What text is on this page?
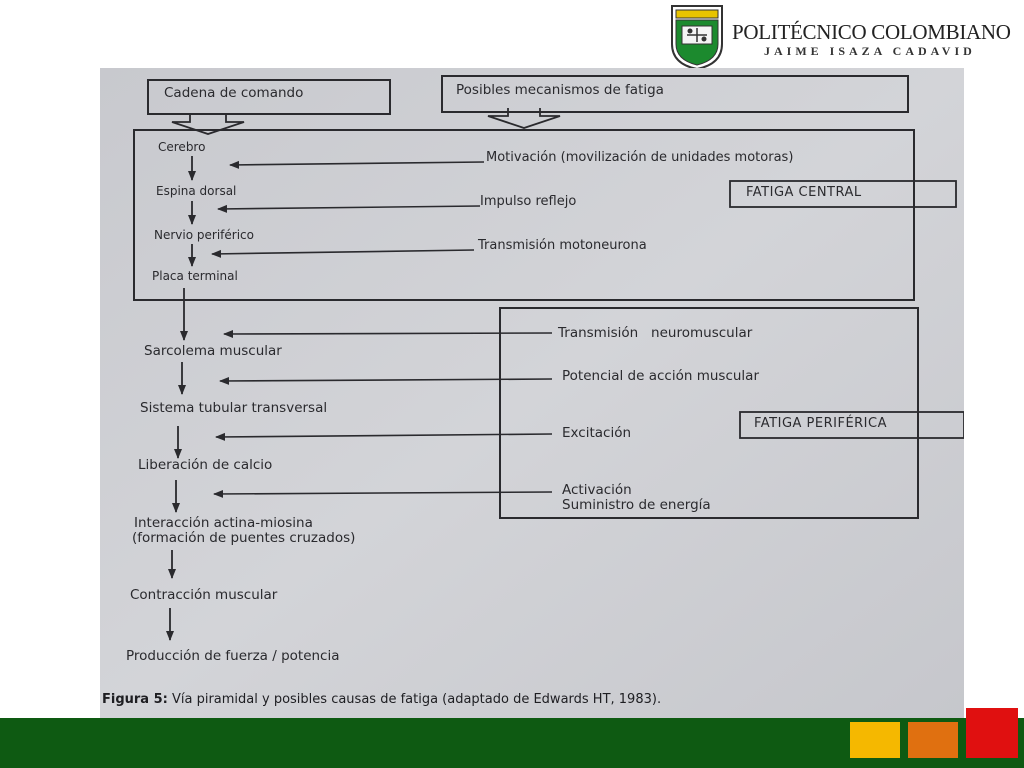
POLITÉCNICO COLOMBIANO
JAIME ISAZA CADAVID
Cadena de comando	Posibles mecanismos de fatiga
Cerebro
Espina dorsal
Nervio periférico
Placa terminal
Sarcolema muscular
Sistema tubular transversal
Liberación de calcio
Interacción actina-miosina
(formación de puentes cruzados)
Contracción muscular
Producción de fuerza / potencia
Motivación (movilización de unidades motoras)
Impulso reflejo
Transmisión motoneurona
FATIGA CENTRAL
Transmisión   neuromuscular
Potencial de acción muscular
Excitación
Activación
Suministro de energía
FATIGA PERIFÉRICA
Figura 5: Vía piramidal y posibles causas de fatiga (adaptado de Edwards HT, 1983).
